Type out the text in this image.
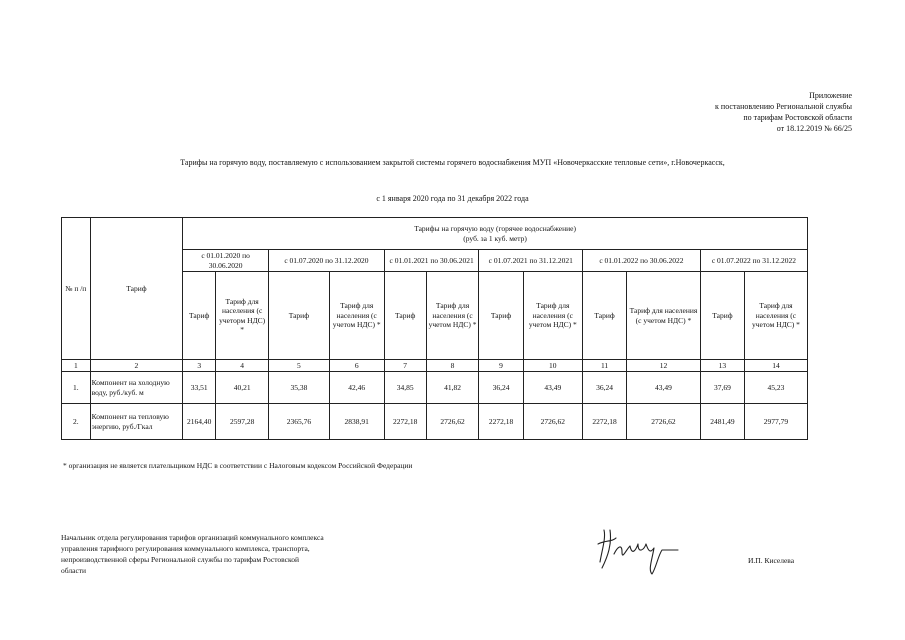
Приложение
к постановлению Региональной службы
по тарифам Ростовской области
от 18.12.2019 № 66/25
Тарифы на горячую воду, поставляемую с использованием закрытой системы горячего водоснабжения МУП «Новочеркасские тепловые сети», г.Новочеркасск,
с 1 января 2020 года по 31 декабря 2022 года
№ п /п	Тариф	Тарифы на горячую воду (горячее водоснабжение)
(руб. за 1 куб. метр)											

		с 01.01.2020 по 30.06.2020		с 01.07.2020 по 31.12.2020		с 01.01.2021 по 30.06.2021		с 01.07.2021 по 31.12.2021		с 01.01.2022 по 30.06.2022		с 01.07.2022 по 31.12.2022	
		Тариф	Тариф для населения (с учеторм НДС) *	Тариф	Тариф для населения (с учетом НДС) *	Тариф	Тариф для населения (с учетом НДС) *	Тариф	Тариф для населения (с учетом НДС) *	Тариф	Тариф для населения (с учетом НДС) *	Тариф	Тариф для населения (с учетом НДС) *
1	2	3	4	5	6	7	8	9	10	11	12	13	14
1.	Компонент на холодную воду, руб./куб. м	33,51	40,21	35,38	42,46	34,85	41,82	36,24	43,49	36,24	43,49	37,69	45,23
2.	Компонент на тепловую энергию, руб./Гкал	2164,40	2597,28	2365,76	2838,91	2272,18	2726,62	2272,18	2726,62	2272,18	2726,62	2481,49	2977,79
* организация не является плательщиком НДС в соответствии с Налоговым кодексом Российской Федерации
Начальник отдела регулирования тарифов организаций коммунального комплекса
управления тарифного регулирования коммунального комплекса, транспорта,
непроизводственной сферы Региональной службы по тарифам Ростовской
области
И.П. Киселева
